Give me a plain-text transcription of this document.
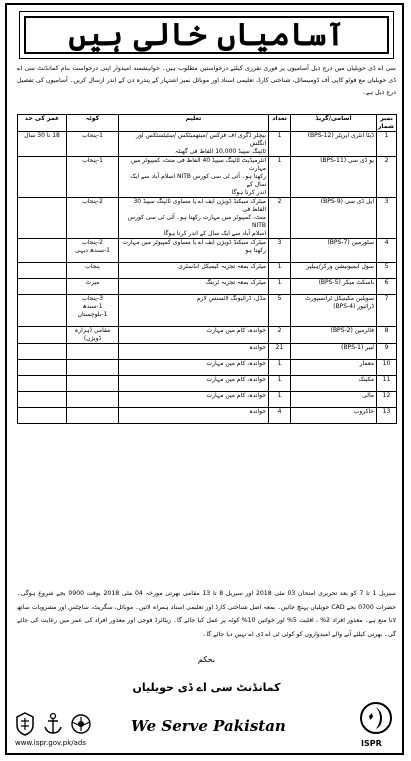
آسامیاں خالی ہیں
سی اے ڈی حویلیاں میں درج ذیل آسامیوں پر فوری تقرری کیلئے درخواستیں مطلوب ہیں۔ خواہشمند امیدوار اپنی درخواست بنام کمانڈنٹ سی اے ڈی حویلیاں مع فوٹو کاپی آف ڈومیسائل، شناختی کارڈ، تعلیمی اسناد اور موبائل نمبر اشتہار کے پندرہ دن کے اندر ارسال کریں۔ آسامیوں کی تفصیل درج ذیل ہے۔
نمبر شمار	آسامی/گریڈ	تعداد	تعلیم	کوٹہ	عمر کی حد
1	ڈیٹا انٹری آپریٹر (BPS-12)	1	بیچلر ڈگری آف فزکس /میتھمیٹکس /سٹیٹسٹکس اور انگلش
ٹائپنگ سپیڈ 10,000 الفاظ فی گھنٹہ	1-پنجاب	18 تا 30 سال
2	یو ڈی سی (BPS-11)	1	انٹرمیڈیٹ ٹائپنگ سپیڈ 40 الفاظ فی منٹ، کمپیوٹر میں مہارت
رکھتا ہو۔ آئی ٹی سی کورس NITB اسلام آباد سے ایک سال کے
اندر کرنا ہوگا	1-پنجاب	

3	ایل ڈی سی (BPS-9)	2	میٹرک سیکنڈ ڈویژن ایف اے یا مساوی ٹائپنگ سپیڈ 30 الفاظ فی
منٹ، کمپیوٹر میں مہارت رکھتا ہو۔ آئی ٹی سی کورس NITB
اسلام آباد سے ایک سال کے اندر کرنا ہوگا	2-پنجاب	

4	سٹورمین (BPS-7)	3	میٹرک سیکنڈ ڈویژن ایف اے یا مساوی کمپیوٹر میں مہارت رکھتا ہو	2-پنجاب
1-سندھ دیہی	

5	سول ایمیونیشن ورکر/ہیلپر	1	میٹرک بمعہ تجربہ کیمیکل انڈسٹری	پنجاب	

6	باسکٹ میکر (BPS-5)	1	میٹرک بمعہ تجربہ ٹرننگ	میرٹ	

7	سویلین مکینیکل ٹرانسپورٹ ڈرائیور (BPS-4)	5	مڈل، ڈرائیونگ لائسنس لازم	3-پنجاب
1-سندھ
1-بلوچستان	

8	فائرمین (BPS-2)	2	خواندہ، کام میں مہارت	مقامی (ہزارہ ڈویژن)	

9	لیبر (BPS-1)	21	خواندہ		

10	معمار	1	خواندہ، کام میں مہارت		

11	مکینک	1	خواندہ، کام میں مہارت		

12	مالی	1	خواندہ، کام میں مہارت		

13	خاکروب	4	خواندہ		

سیریل 1 تا 7 کو بعد تحریری امتحان 03 مئی 2018 اور سیریل 8 تا 13 مقامی بھرتی مورخہ 04 مئی 2018 بوقت 0900 بجے شروع ہوگی۔ حضرات 0700 بجے CAD حویلیاں پہنچ جائیں۔ بمعہ اصل شناختی کارڈ اور تعلیمی اسناد ہمراہ لائیں۔ موبائل، سگریٹ، ساچٹس اور مشروبات ساتھ لانا منع ہے۔ معذور افراد 2% ، اقلیت 5% اور خواتین 10% کوٹہ پر عمل کیا جائے گا۔ ریٹائرڈ فوجی اور معذور افراد کی عمر میں رعایت کی جائے گی۔ بھرتی کیلئے آنے والے امیدواروں کو کوئی ٹی اے ڈی اے نہیں دیا جائے گا۔
بحکم
کمانڈنٹ سی اے ڈی حویلیاں
www.ispr.gov.pk/ads
We Serve Pakistan
ISPR
